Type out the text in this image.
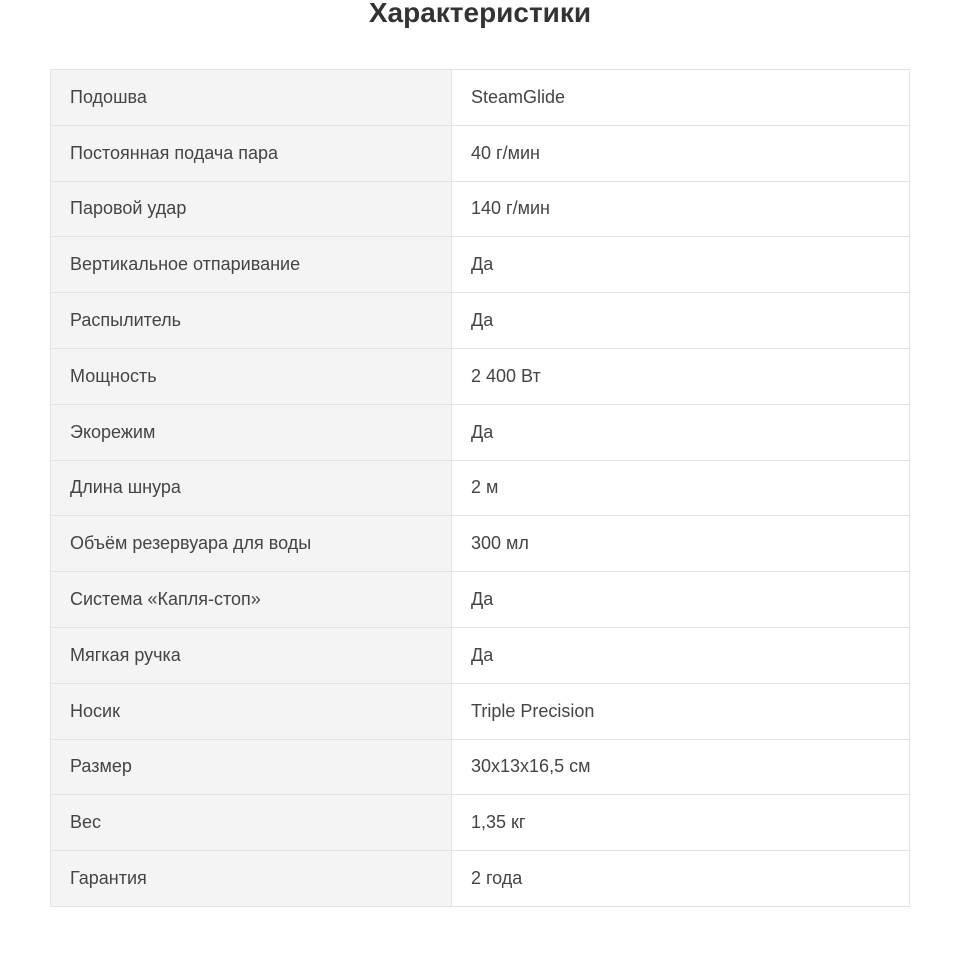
Характеристики
Подошва	SteamGlide
Постоянная подача пара	40 г/мин
Паровой удар	140 г/мин
Вертикальное отпаривание	Да
Распылитель	Да
Мощность	2 400 Вт
Экорежим	Да
Длина шнура	2 м
Объём резервуара для воды	300 мл
Система «Капля-стоп»	Да
Мягкая ручка	Да
Носик	Triple Precision
Размер	30x13x16,5 см
Вес	1,35 кг
Гарантия	2 года
